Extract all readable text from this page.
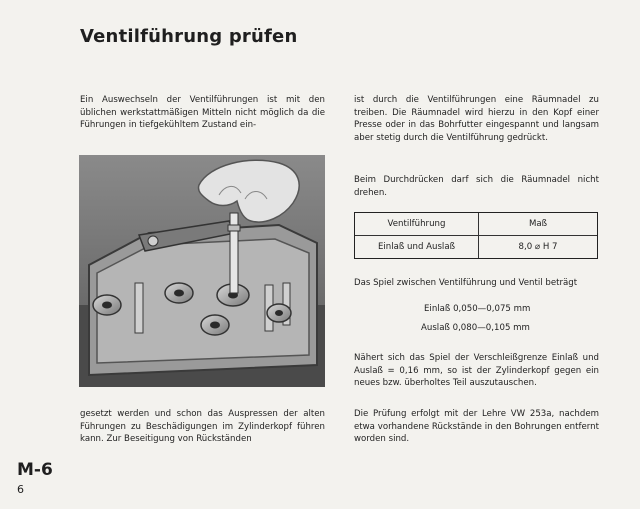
Ventilführung prüfen
Ein Auswechseln der Ventilführungen ist mit den üblichen werkstattmäßigen Mitteln nicht möglich da die Führungen in tiefgekühltem Zustand ein-
gesetzt werden und schon das Auspressen der alten Führungen zu Beschädigungen im Zylinderkopf führen kann. Zur Beseitigung von Rückständen
ist durch die Ventilführungen eine Räumnadel zu treiben. Die Räumnadel wird hierzu in den Kopf einer Presse oder in das Bohrfutter eingespannt und langsam aber stetig durch die Ventilführung gedrückt.
Beim Durchdrücken darf sich die Räumnadel nicht drehen.
Ventilführung	Maß
Einlaß und Auslaß	8,0 ⌀ H 7
Das Spiel zwischen Ventilführung und Ventil beträgt
Einlaß 0,050—0,075 mm
Auslaß 0,080—0,105 mm
Nähert sich das Spiel der Verschleißgrenze Einlaß und Auslaß = 0,16 mm, so ist der Zylinderkopf gegen ein neues bzw. überholtes Teil auszutauschen.
Die Prüfung erfolgt mit der Lehre VW 253a, nachdem etwa vorhandene Rückstände in den Bohrungen entfernt worden sind.
M-6
6
